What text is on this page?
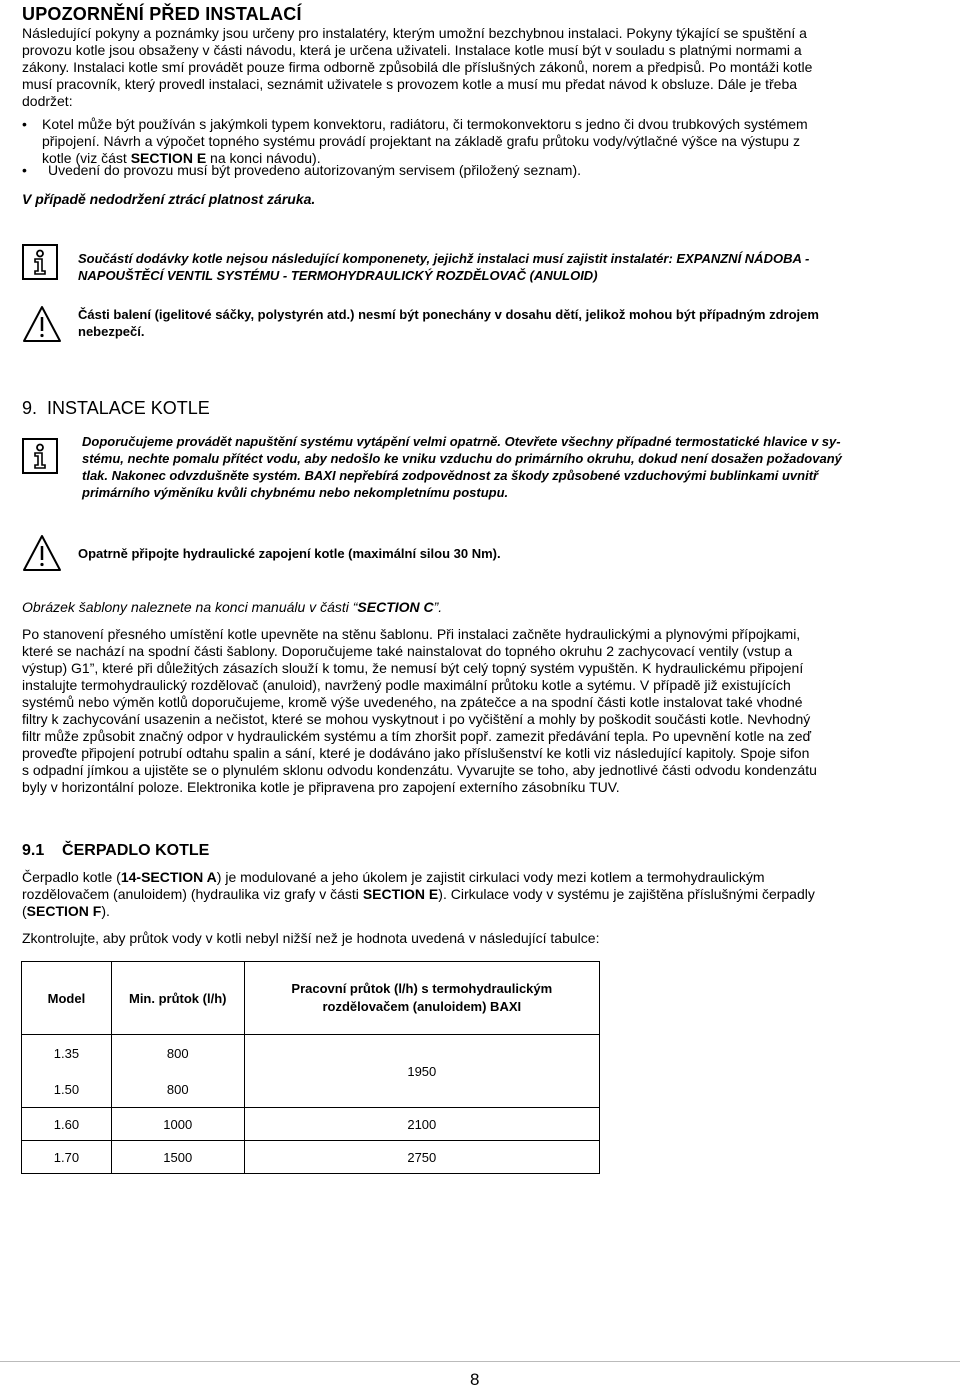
UPOZORNĚNÍ PŘED INSTALACÍ
Následující pokyny a poznámky jsou určeny pro instalatéry, kterým umožní bezchybnou instalaci. Pokyny týkající se spuštění a
provozu kotle jsou obsaženy v části návodu, která je určena uživateli. Instalace kotle musí být v souladu s platnými normami a
zákony. Instalaci kotle smí provádět pouze firma odborně způsobilá dle příslušných zákonů, norem a předpisů. Po montáži kotle
musí pracovník, který provedl instalaci, seznámit uživatele s provozem kotle a musí mu předat návod k obsluze. Dále je třeba
dodržet:
• Kotel může být používán s jakýmkoli typem konvektoru, radiátoru, či termokonvektoru s jedno či dvou trubkových systémem
připojení. Návrh a výpočet topného systému provádí projektant na základě grafu průtoku vody/výtlačné výšce na výstupu z
kotle (viz část SECTION E na konci návodu).
• Uvedení do provozu musí být provedeno autorizovaným servisem (přiložený seznam).
V případě nedodržení ztrácí platnost záruka.
Součástí dodávky kotle nejsou následující komponenety, jejichž instalaci musí zajistit instalatér: EXPANZNÍ NÁDOBA -
NAPOUŠTĚCÍ VENTIL SYSTÉMU - TERMOHYDRAULICKÝ ROZDĚLOVAČ (ANULOID)
Části balení (igelitové sáčky, polystyrén atd.) nesmí být ponechány v dosahu dětí, jelikož mohou být případným zdrojem
nebezpečí.
9. INSTALACE KOTLE
Doporučujeme provádět napuštění systému vytápění velmi opatrně. Otevřete všechny případné termostatické hlavice v sy-
stému, nechte pomalu přítéct vodu, aby nedošlo ke vniku vzduchu do primárního okruhu, dokud není dosažen požadovaný
tlak. Nakonec odvzdušněte systém. BAXI nepřebírá zodpovědnost za škody způsobené vzduchovými bublinkami uvnitř
primárního výměníku kvůli chybnému nebo nekompletnímu postupu.
Opatrně připojte hydraulické zapojení kotle (maximální silou 30 Nm).
Obrázek šablony naleznete na konci manuálu v části “SECTION C”.
Po stanovení přesného umístění kotle upevněte na stěnu šablonu. Při instalaci začněte hydraulickými a plynovými přípojkami,
které se nachází na spodní části šablony. Doporučujeme také nainstalovat do topného okruhu 2 zachycovací ventily (vstup a
výstup) G1”, které při důležitých zásazích slouží k tomu, že nemusí být celý topný systém vypuštěn. K hydraulickému připojení
instalujte termohydraulický rozdělovač (anuloid), navržený podle maximální průtoku kotle a sytému. V případě již existujících
systémů nebo výměn kotlů doporučujeme, kromě výše uvedeného, na zpátečce a na spodní části kotle instalovat také vhodné
filtry k zachycování usazenin a nečistot, které se mohou vyskytnout i po vyčištění a mohly by poškodit součásti kotle. Nevhodný
filtr může způsobit značný odpor v hydraulickém systému a tím zhoršit popř. zamezit předávání tepla. Po upevnění kotle na zeď
proveďte připojení potrubí odtahu spalin a sání, které je dodáváno jako příslušenství ke kotli viz následující kapitoly. Spoje sifon
s odpadní jímkou a ujistěte se o plynulém sklonu odvodu kondenzátu. Vyvarujte se toho, aby jednotlivé části odvodu kondenzátu
byly v horizontální poloze. Elektronika kotle je připravena pro zapojení externího zásobníku TUV.
9.1 ČERPADLO KOTLE
Čerpadlo kotle (14-SECTION A) je modulované a jeho úkolem je zajistit cirkulaci vody mezi kotlem a termohydraulickým
rozdělovačem (anuloidem) (hydraulika viz grafy v části SECTION E). Cirkulace vody v systému je zajištěna příslušnými čerpadly
(SECTION F).
Zkontrolujte, aby průtok vody v kotli nebyl nižší než je hodnota uvedená v následující tabulce:
Model	Min. průtok (l/h)	Pracovní průtok (l/h) s termohydraulickým
rozdělovačem (anuloidem) BAXI

1.35	800	1950
1.50	800	
1.60	1000	2100
1.70	1500	2750
8
